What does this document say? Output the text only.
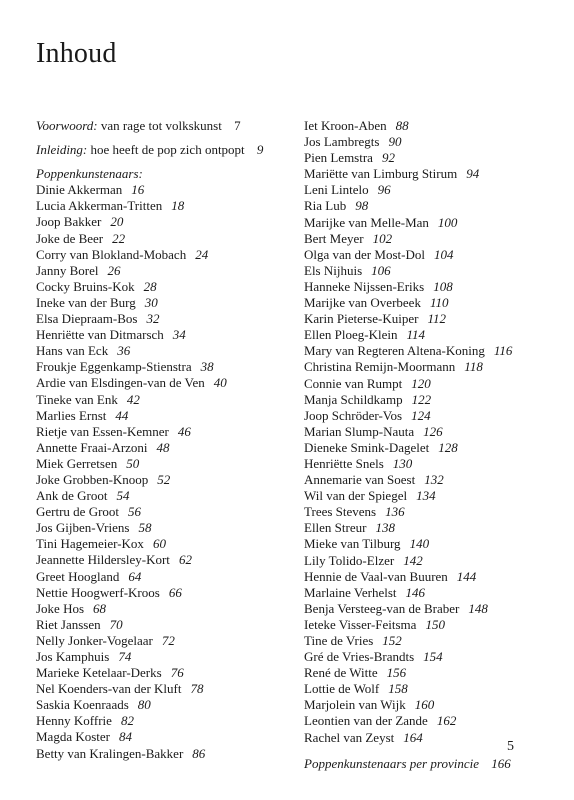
Inhoud
Voorwoord: van rage tot volkskunst 7
Inleiding: hoe heeft de pop zich ontpopt 9
Poppenkunstenaars:
Dinie Akkerman 16
Lucia Akkerman-Tritten 18
Joop Bakker 20
Joke de Beer 22
Corry van Blokland-Mobach 24
Janny Borel 26
Cocky Bruins-Kok 28
Ineke van der Burg 30
Elsa Diepraam-Bos 32
Henriëtte van Ditmarsch 34
Hans van Eck 36
Froukje Eggenkamp-Stienstra 38
Ardie van Elsdingen-van de Ven 40
Tineke van Enk 42
Marlies Ernst 44
Rietje van Essen-Kemner 46
Annette Fraai-Arzoni 48
Miek Gerretsen 50
Joke Grobben-Knoop 52
Ank de Groot 54
Gertru de Groot 56
Jos Gijben-Vriens 58
Tini Hagemeier-Kox 60
Jeannette Hildersley-Kort 62
Greet Hoogland 64
Nettie Hoogwerf-Kroos 66
Joke Hos 68
Riet Janssen 70
Nelly Jonker-Vogelaar 72
Jos Kamphuis 74
Marieke Ketelaar-Derks 76
Nel Koenders-van der Kluft 78
Saskia Koenraads 80
Henny Koffrie 82
Magda Koster 84
Betty van Kralingen-Bakker 86
Iet Kroon-Aben 88
Jos Lambregts 90
Pien Lemstra 92
Mariëtte van Limburg Stirum 94
Leni Lintelo 96
Ria Lub 98
Marijke van Melle-Man 100
Bert Meyer 102
Olga van der Most-Dol 104
Els Nijhuis 106
Hanneke Nijssen-Eriks 108
Marijke van Overbeek 110
Karin Pieterse-Kuiper 112
Ellen Ploeg-Klein 114
Mary van Regteren Altena-Koning 116
Christina Remijn-Moormann 118
Connie van Rumpt 120
Manja Schildkamp 122
Joop Schröder-Vos 124
Marian Slump-Nauta 126
Dieneke Smink-Dagelet 128
Henriëtte Snels 130
Annemarie van Soest 132
Wil van der Spiegel 134
Trees Stevens 136
Ellen Streur 138
Mieke van Tilburg 140
Lily Tolido-Elzer 142
Hennie de Vaal-van Buuren 144
Marlaine Verhelst 146
Benja Versteeg-van de Braber 148
Ieteke Visser-Feitsma 150
Tine de Vries 152
Gré de Vries-Brandts 154
René de Witte 156
Lottie de Wolf 158
Marjolein van Wijk 160
Leontien van der Zande 162
Rachel van Zeyst 164
Poppenkunstenaars per provincie 166
5
